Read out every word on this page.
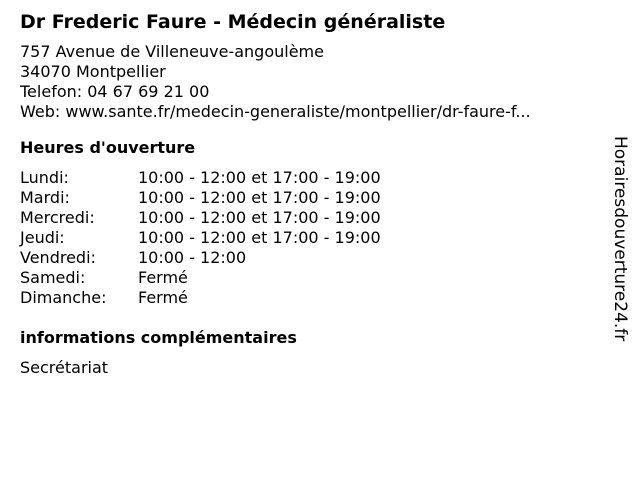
Dr Frederic Faure - Médecin généraliste
757 Avenue de Villeneuve-angoulème
34070 Montpellier
Telefon: 04 67 69 21 00
Web: www.sante.fr/medecin-generaliste/montpellier/dr-faure-f...
Heures d'ouverture
Lundi:	10:00 - 12:00 et 17:00 - 19:00
Mardi:	10:00 - 12:00 et 17:00 - 19:00
Mercredi:	10:00 - 12:00 et 17:00 - 19:00
Jeudi:	10:00 - 12:00 et 17:00 - 19:00
Vendredi:	10:00 - 12:00
Samedi:	Fermé
Dimanche:	Fermé
informations complémentaires
Secrétariat
Horairesdouverture24.fr
